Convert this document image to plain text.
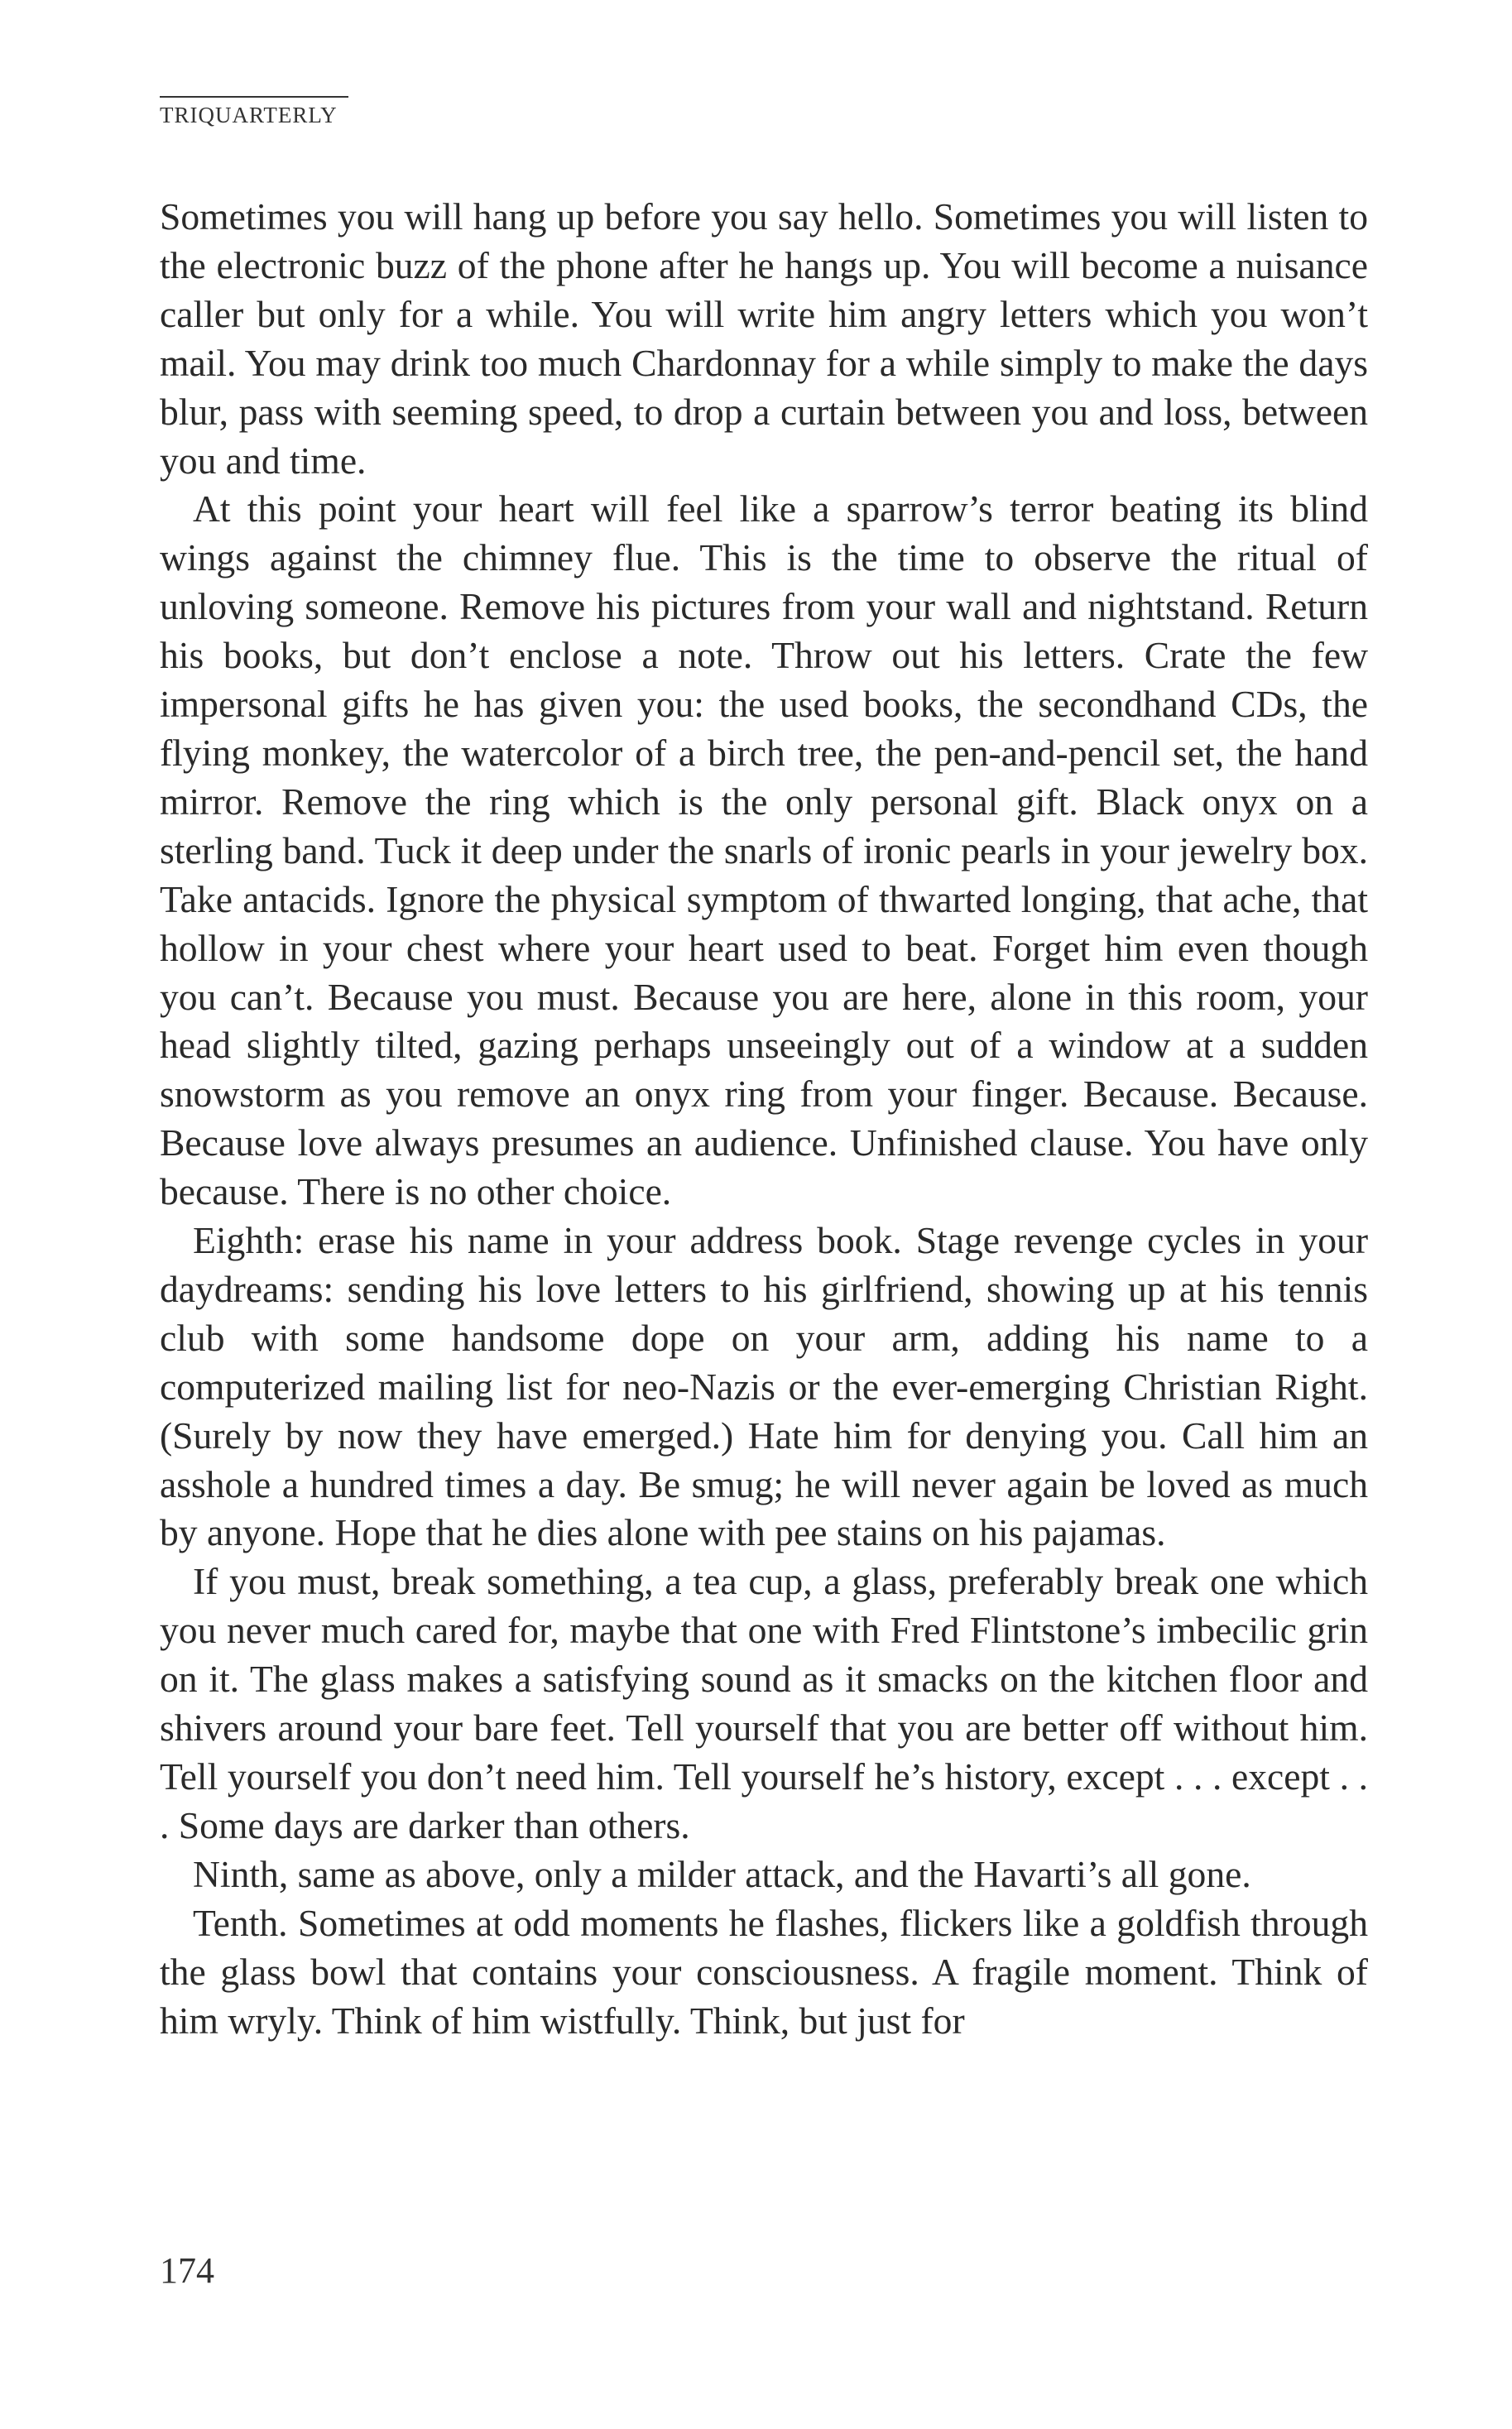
TRIQUARTERLY

Sometimes you will hang up before you say hello. Sometimes you will listen to the electronic buzz of the phone after he hangs up. You will become a nuisance caller but only for a while. You will write him angry letters which you won’t mail. You may drink too much Chardonnay for a while simply to make the days blur, pass with seeming speed, to drop a curtain between you and loss, between you and time.

At this point your heart will feel like a sparrow’s terror beating its blind wings against the chimney flue. This is the time to observe the ritual of unloving someone. Remove his pictures from your wall and nightstand. Return his books, but don’t enclose a note. Throw out his letters. Crate the few impersonal gifts he has given you: the used books, the secondhand CDs, the flying monkey, the watercolor of a birch tree, the pen-and-pencil set, the hand mirror. Remove the ring which is the only personal gift. Black onyx on a sterling band. Tuck it deep under the snarls of ironic pearls in your jewelry box. Take antacids. Ignore the physical symptom of thwarted longing, that ache, that hollow in your chest where your heart used to beat. Forget him even though you can’t. Because you must. Because you are here, alone in this room, your head slightly tilted, gazing perhaps unseeingly out of a window at a sudden snowstorm as you remove an onyx ring from your finger. Because. Because. Because love always presumes an audience. Unfinished clause. You have only because. There is no other choice.

Eighth: erase his name in your address book. Stage revenge cycles in your daydreams: sending his love letters to his girlfriend, showing up at his tennis club with some handsome dope on your arm, adding his name to a computerized mailing list for neo-Nazis or the ever-emerging Christian Right. (Surely by now they have emerged.) Hate him for denying you. Call him an asshole a hundred times a day. Be smug; he will never again be loved as much by anyone. Hope that he dies alone with pee stains on his pajamas.

If you must, break something, a tea cup, a glass, preferably break one which you never much cared for, maybe that one with Fred Flintstone’s imbecilic grin on it. The glass makes a satisfying sound as it smacks on the kitchen floor and shivers around your bare feet. Tell yourself that you are better off without him. Tell yourself you don’t need him. Tell yourself he’s history, except . . . except . . . Some days are darker than others.

Ninth, same as above, only a milder attack, and the Havarti’s all gone.

Tenth. Sometimes at odd moments he flashes, flickers like a goldfish through the glass bowl that contains your consciousness. A fragile moment. Think of him wryly. Think of him wistfully. Think, but just for

174
